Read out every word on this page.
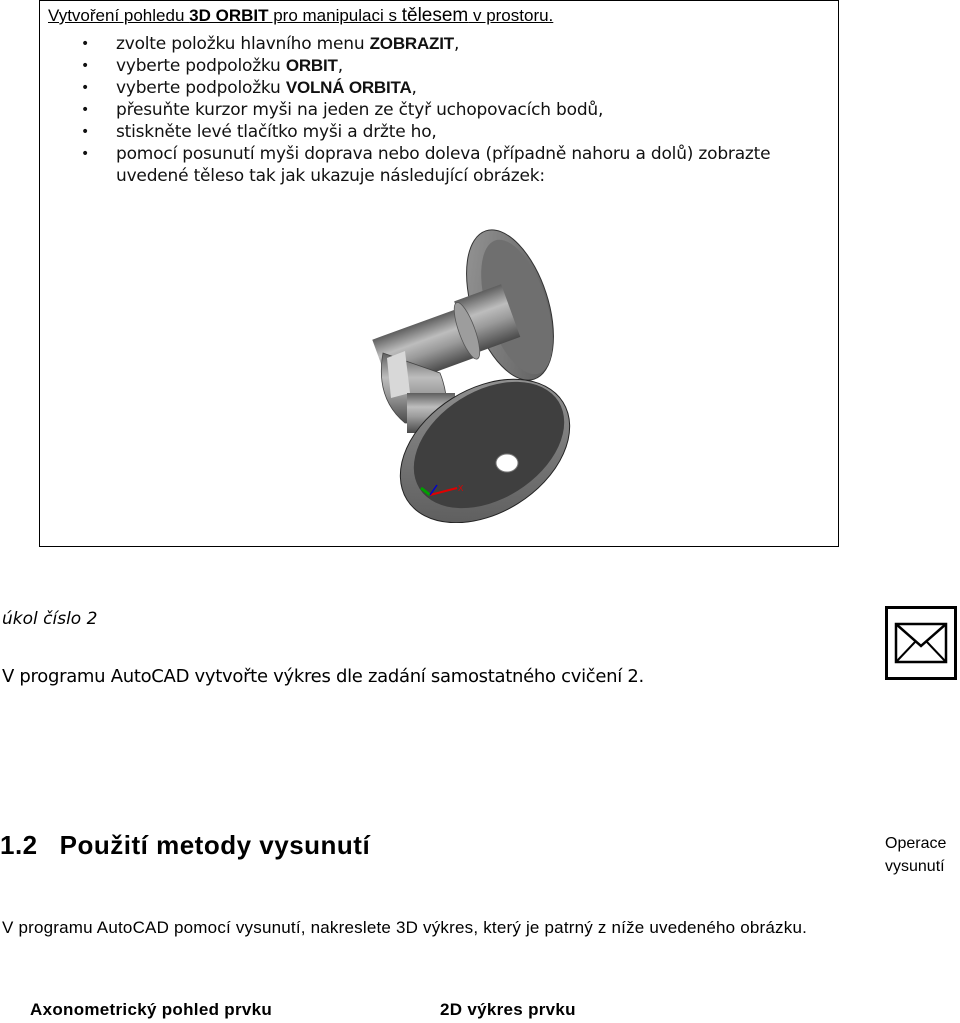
Vytvoření pohledu 3D ORBIT pro manipulaci s tělesem v prostoru.
• zvolte položku hlavního menu ZOBRAZIT,
• vyberte podpoložku ORBIT,
• vyberte podpoložku VOLNÁ ORBITA,
• přesuňte kurzor myši na jeden ze čtyř uchopovacích bodů,
• stiskněte levé tlačítko myši a držte ho,
• pomocí posunutí myši doprava nebo doleva (případně nahoru a dolů) zobrazte
uvedené těleso tak jak ukazuje následující obrázek:
X
úkol číslo 2
V programu AutoCAD vytvořte výkres dle zadání samostatného cvičení 2.
1.2 Použití metody vysunutí	Operace
vysunutí
V programu AutoCAD pomocí vysunutí, nakreslete 3D výkres, který je patrný z níže uvedeného obrázku.
Axonometrický pohled prvku	2D výkres prvku
